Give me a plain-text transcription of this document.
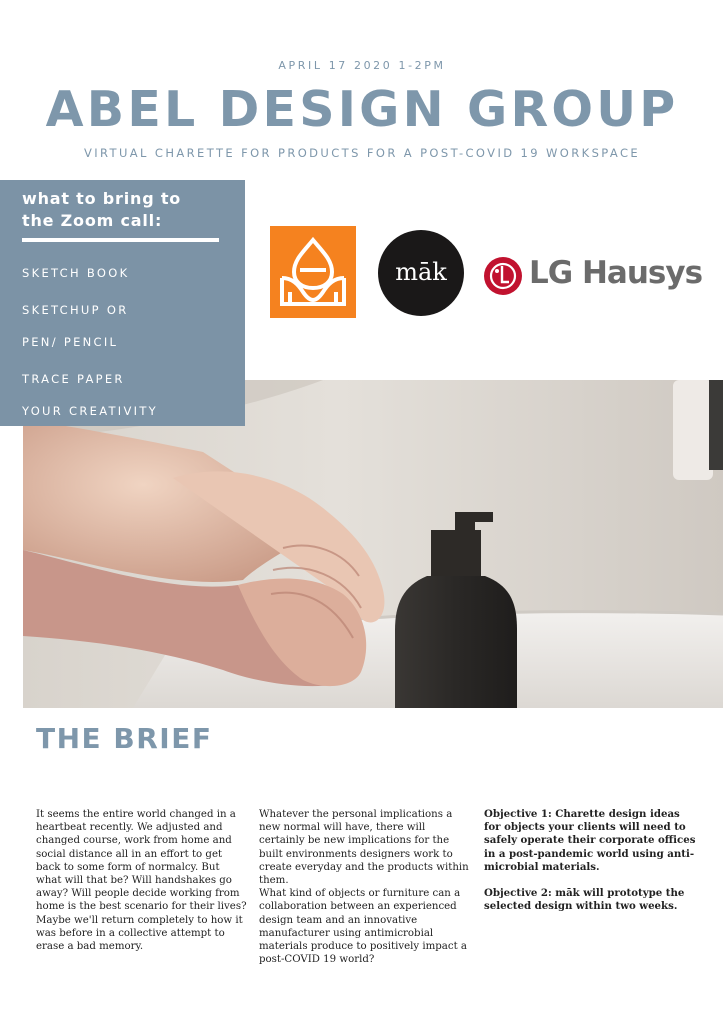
APRIL 17 2020 1-2PM
ABEL DESIGN GROUP
VIRTUAL CHARETTE FOR PRODUCTS FOR A POST-COVID 19 WORKSPACE
what to bring to
the Zoom call:
SKETCH BOOK
SKETCHUP OR
PEN/ PENCIL
TRACE PAPER
YOUR CREATIVITY
māk	LG Hausys
THE BRIEF

It seems the entire world changed in a heartbeat recently. We adjusted and changed course, work from home and social distance all in an effort to get back to some form of normalcy. But what will that be? Will handshakes go away? Will people decide working from home is the best scenario for their lives? Maybe we'll return completely to how it was before in a collective attempt to erase a bad memory.

Whatever the personal implications a new normal will have, there will certainly be new implications for the built environments designers work to create everyday and the products within them.

What kind of objects or furniture can a collaboration between an experienced design team and an innovative manufacturer using antimicrobial materials produce to positively impact a post-COVID 19 world?

Objective 1: Charette design ideas for objects your clients will need to safely operate their corporate offices in a post-pandemic world using anti-microbial materials.

Objective 2: māk will prototype the selected design within two weeks.
